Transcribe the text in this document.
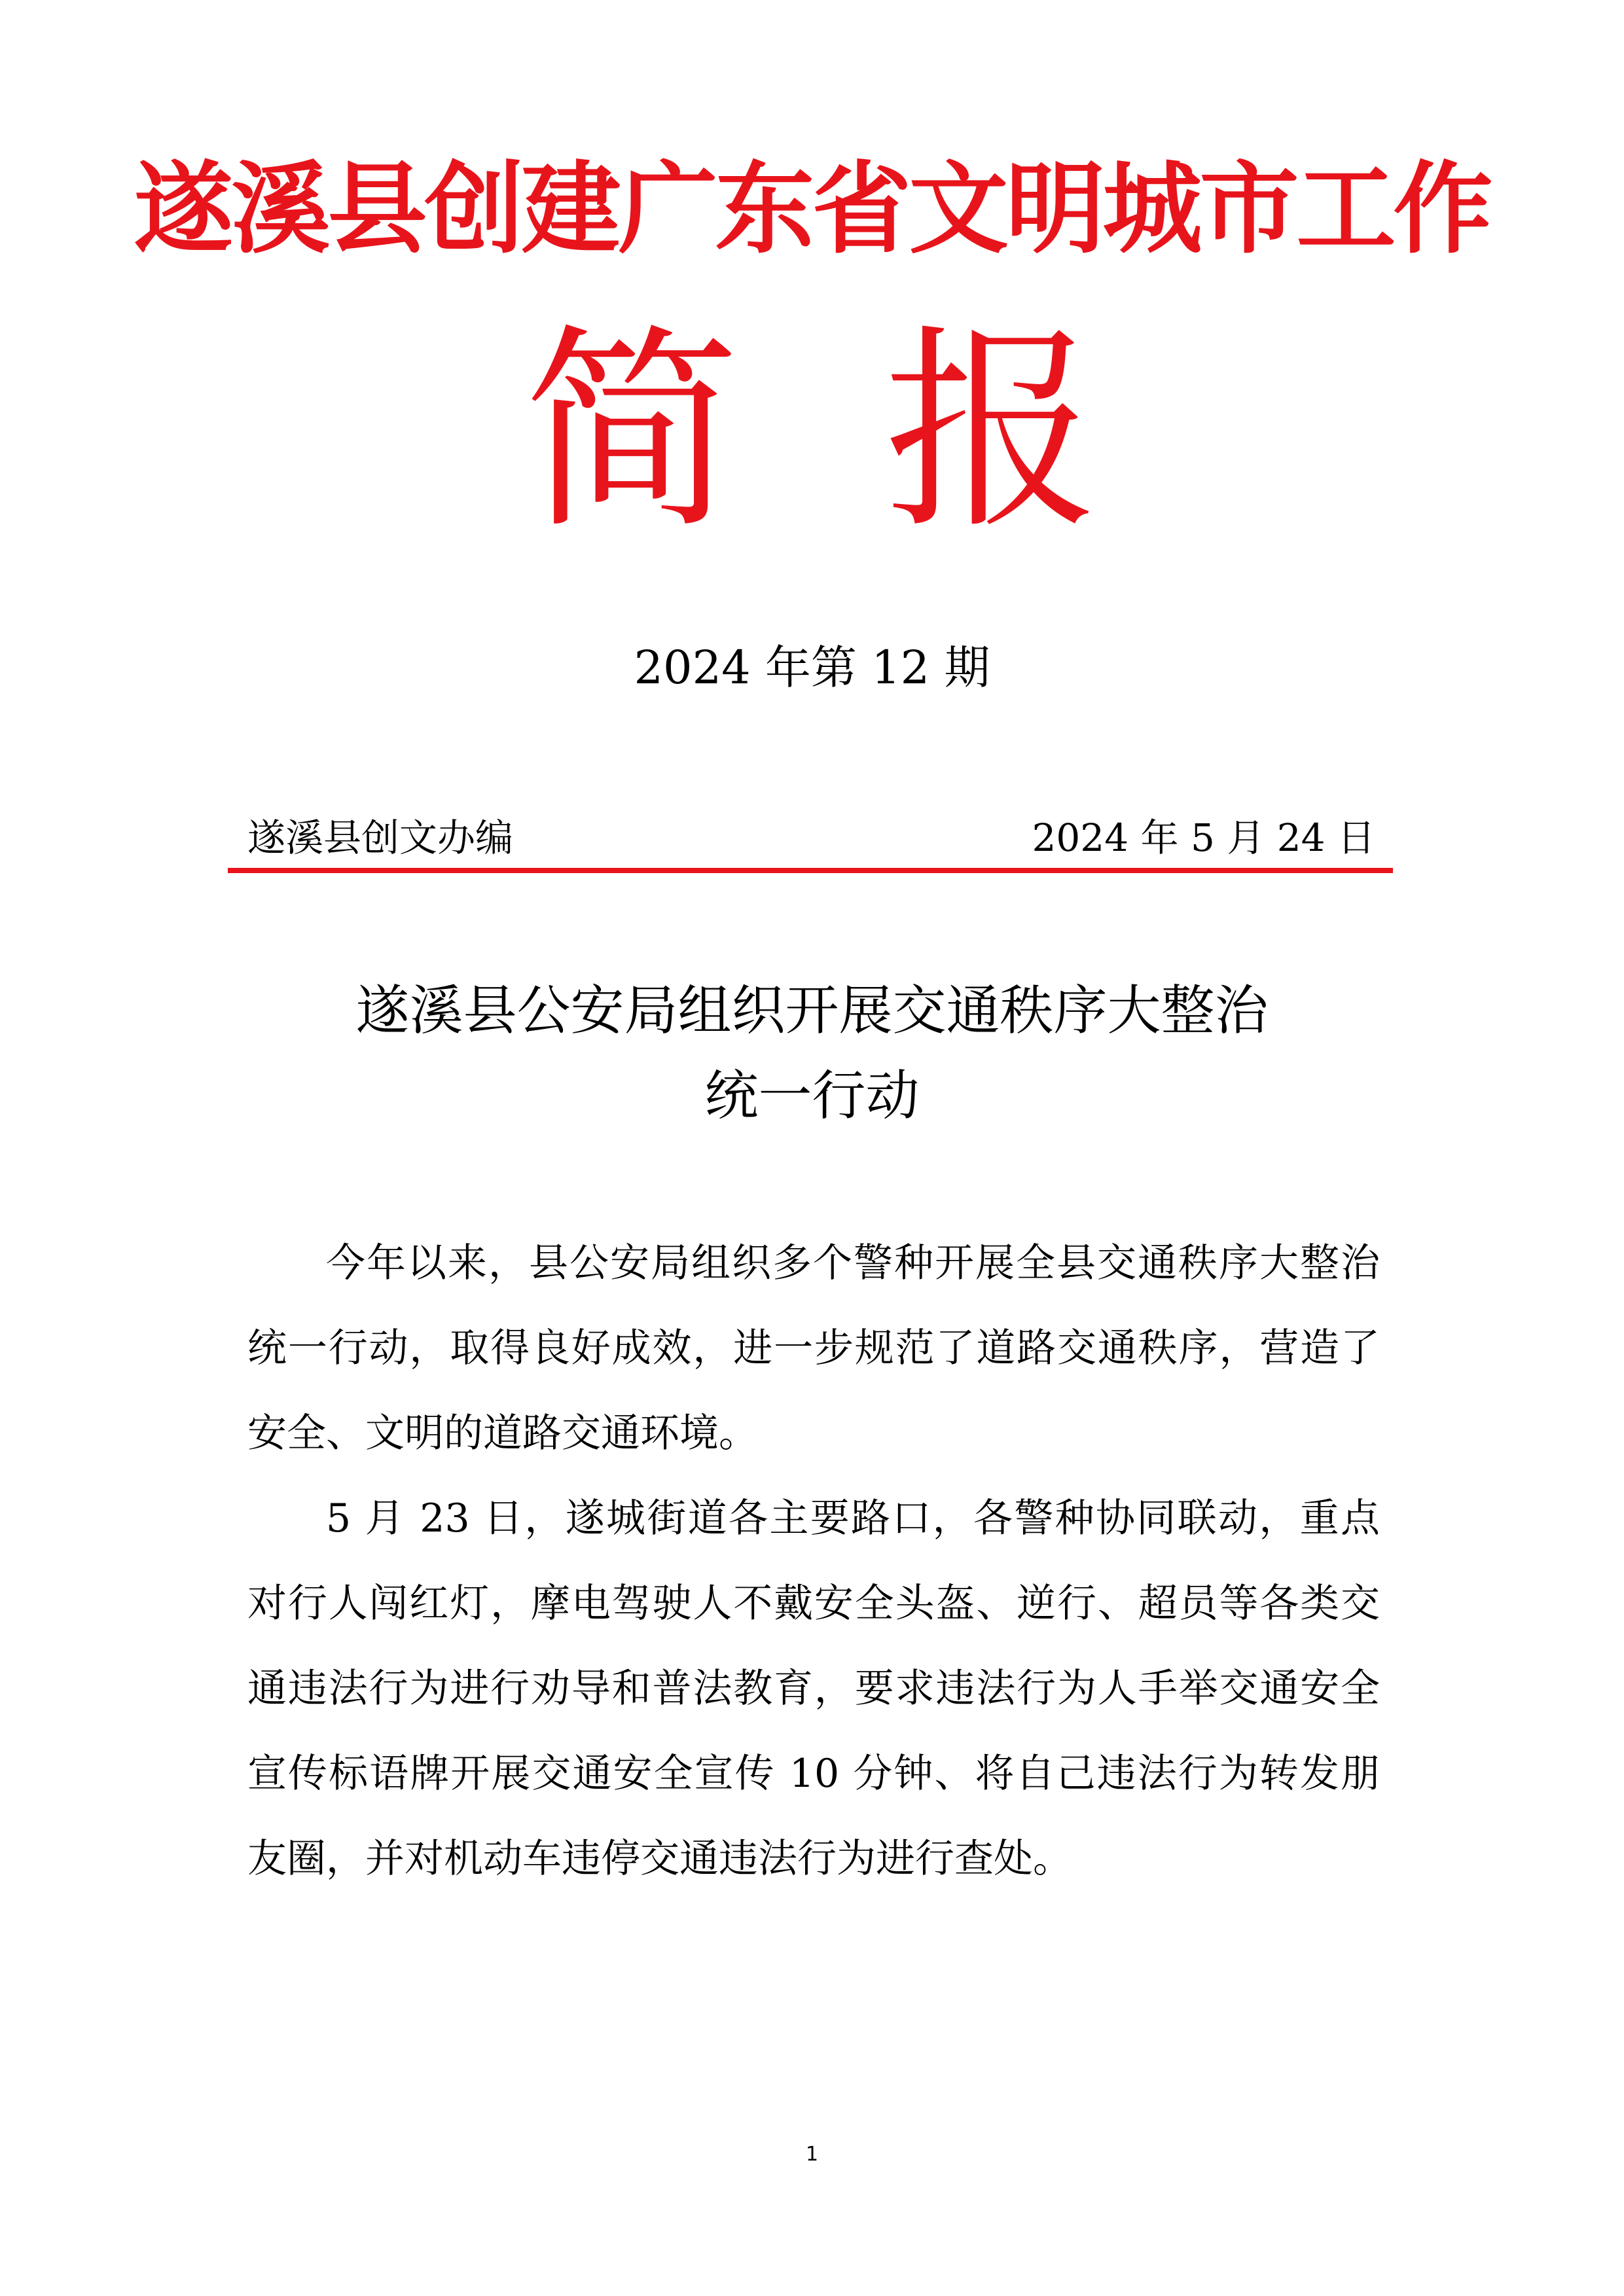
遂溪县创建广东省文明城市工作
简 报
2024 年第 12 期
遂溪县创文办编	2024 年 5 月 24 日
遂溪县公安局组织开展交通秩序大整治
统一行动

今年以来，县公安局组织多个警种开展全县交通秩序大整治统一行动，取得良好成效，进一步规范了道路交通秩序，营造了安全、文明的道路交通环境。

5 月 23 日，遂城街道各主要路口，各警种协同联动，重点对行人闯红灯，摩电驾驶人不戴安全头盔、逆行、超员等各类交通违法行为进行劝导和普法教育，要求违法行为人手举交通安全宣传标语牌开展交通安全宣传 10 分钟、将自己违法行为转发朋友圈，并对机动车违停交通违法行为进行查处。

1
